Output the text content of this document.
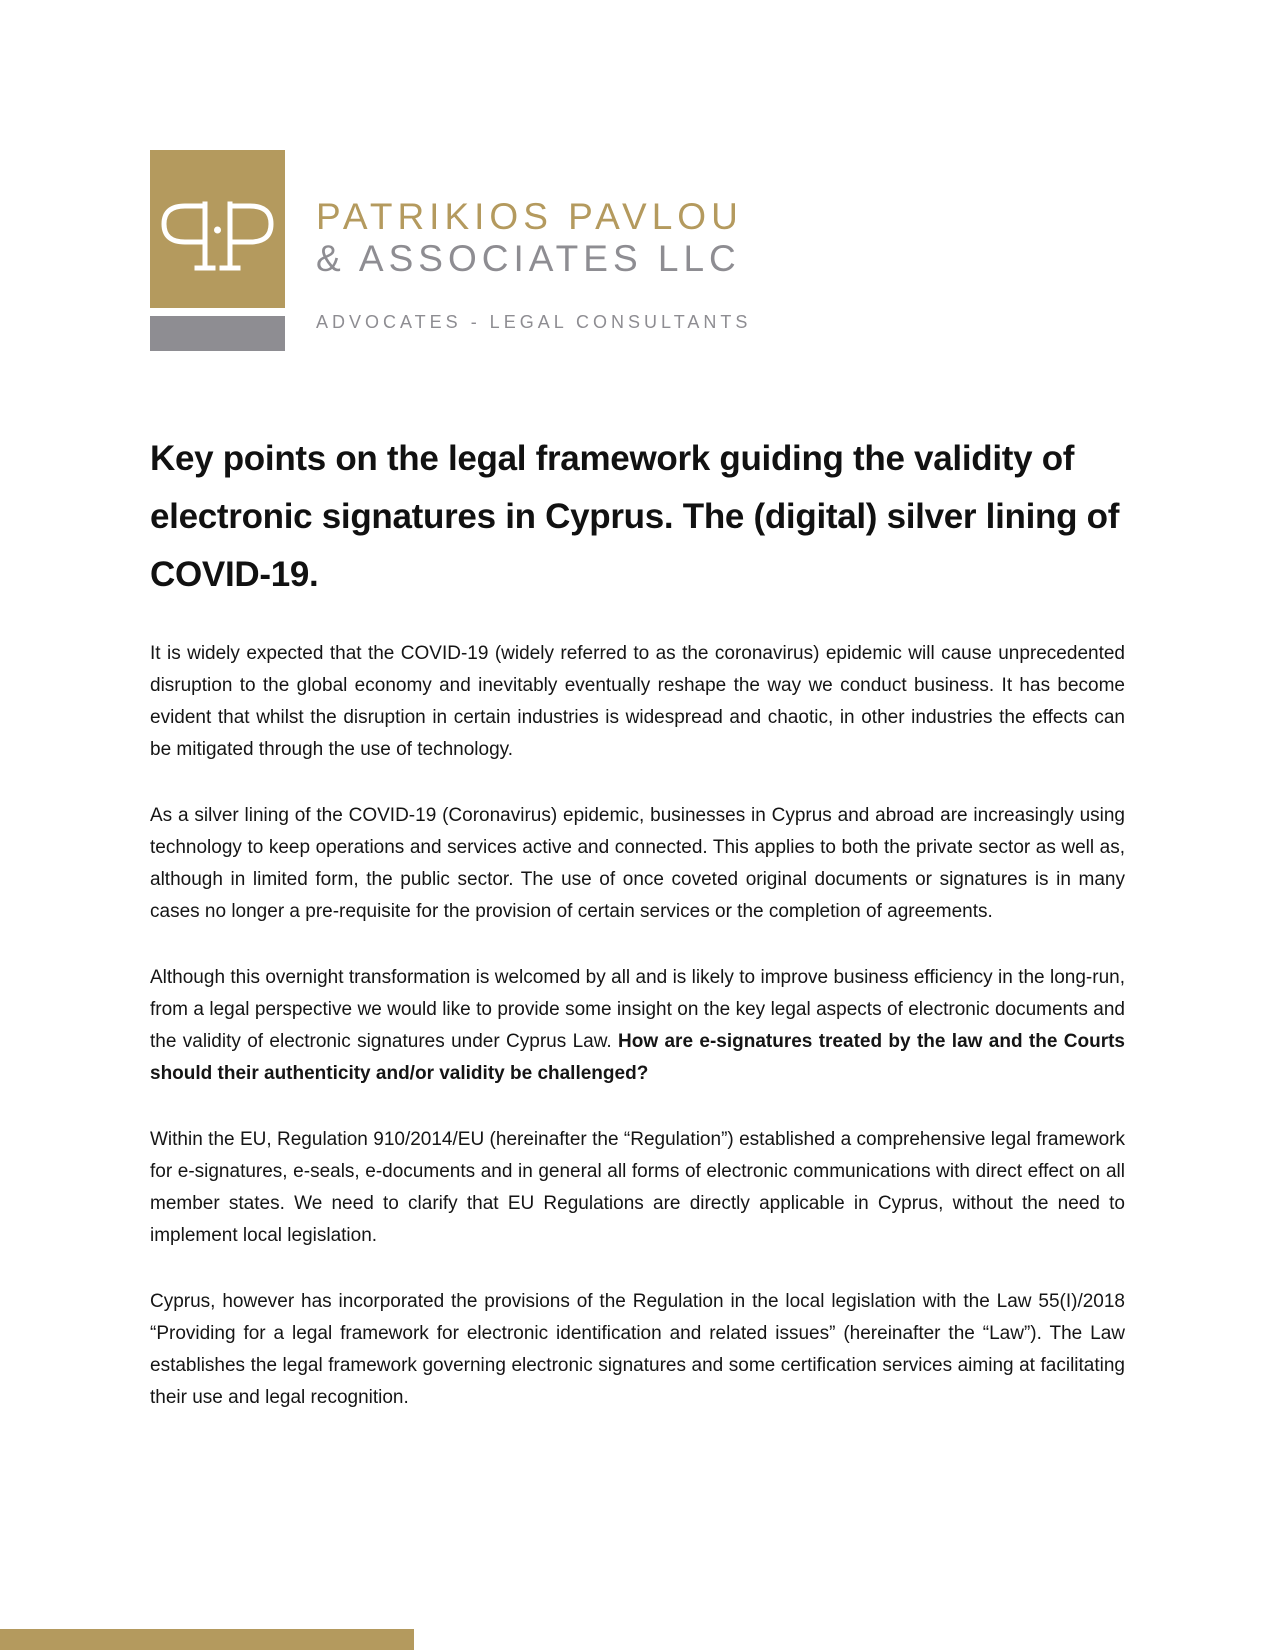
PATRIKIOS PAVLOU
& ASSOCIATES LLC
ADVOCATES - LEGAL CONSULTANTS
Key points on the legal framework guiding the validity of electronic signatures in Cyprus. The (digital) silver lining of COVID-19.

It is widely expected that the COVID-19 (widely referred to as the coronavirus) epidemic will cause unprecedented disruption to the global economy and inevitably eventually reshape the way we conduct business. It has become evident that whilst the disruption in certain industries is widespread and chaotic, in other industries the effects can be mitigated through the use of technology.

As a silver lining of the COVID-19 (Coronavirus) epidemic, businesses in Cyprus and abroad are increasingly using technology to keep operations and services active and connected. This applies to both the private sector as well as, although in limited form, the public sector. The use of once coveted original documents or signatures is in many cases no longer a pre-requisite for the provision of certain services or the completion of agreements.

Although this overnight transformation is welcomed by all and is likely to improve business efficiency in the long-run, from a legal perspective we would like to provide some insight on the key legal aspects of electronic documents and the validity of electronic signatures under Cyprus Law. How are e-signatures treated by the law and the Courts should their authenticity and/or validity be challenged?

Within the EU, Regulation 910/2014/EU (hereinafter the “Regulation”) established a comprehensive legal framework for e-signatures, e-seals, e-documents and in general all forms of electronic communications with direct effect on all member states. We need to clarify that EU Regulations are directly applicable in Cyprus, without the need to implement local legislation.

Cyprus, however has incorporated the provisions of the Regulation in the local legislation with the Law 55(I)/2018 “Providing for a legal framework for electronic identification and related issues” (hereinafter the “Law”). The Law establishes the legal framework governing electronic signatures and some certification services aiming at facilitating their use and legal recognition.
